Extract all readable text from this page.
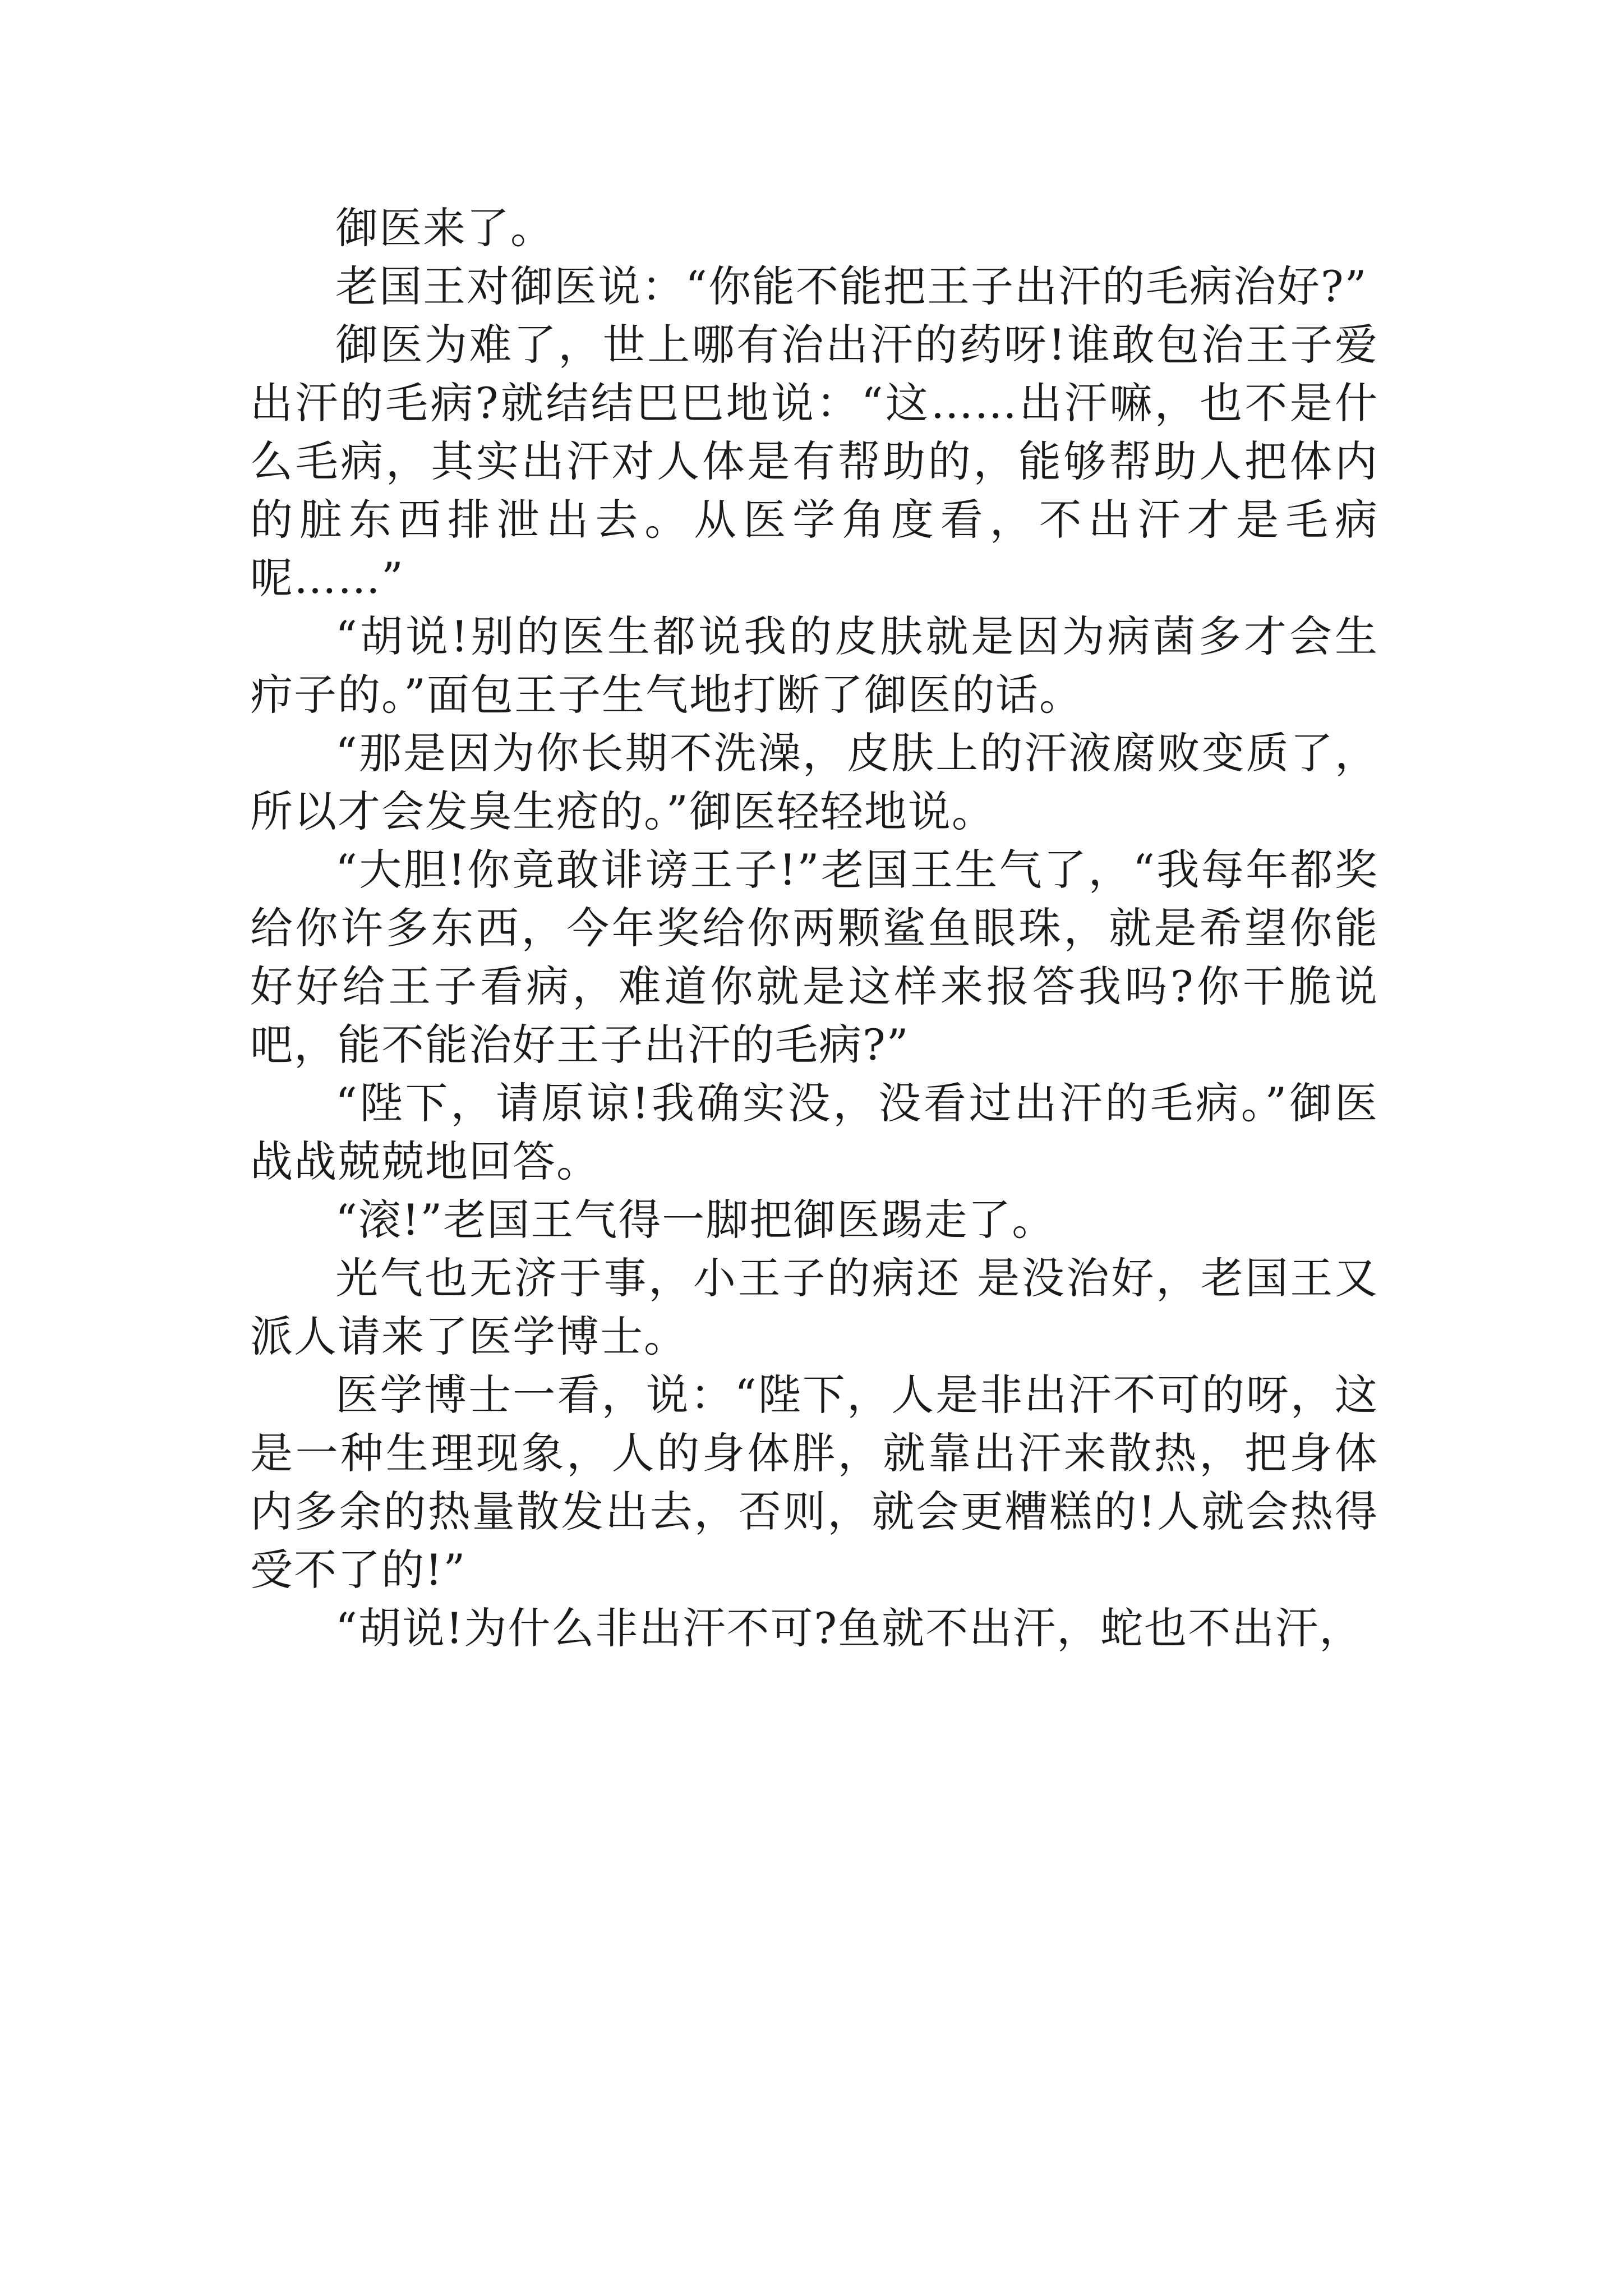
御医来了。

老国王对御医说：“你能不能把王子出汗的毛病治好?”

御医为难了，世上哪有治出汗的药呀!谁敢包治王子爱出汗的毛病?就结结巴巴地说：“这……出汗嘛，也不是什么毛病，其实出汗对人体是有帮助的，能够帮助人把体内的脏东西排泄出去。从医学角度看，不出汗才是毛病呢……”

“胡说!别的医生都说我的皮肤就是因为病菌多才会生疖子的。”面包王子生气地打断了御医的话。

“那是因为你长期不洗澡，皮肤上的汗液腐败变质了，所以才会发臭生疮的。”御医轻轻地说。

“大胆!你竟敢诽谤王子!”老国王生气了，“我每年都奖给你许多东西，今年奖给你两颗鲨鱼眼珠，就是希望你能好好给王子看病，难道你就是这样来报答我吗?你干脆说吧，能不能治好王子出汗的毛病?”

“陛下，请原谅!我确实没，没看过出汗的毛病。”御医战战兢兢地回答。

“滚!”老国王气得一脚把御医踢走了。

光气也无济于事，小王子的病还 是没治好，老国王又派人请来了医学博士。

医学博士一看，说：“陛下，人是非出汗不可的呀，这是一种生理现象，人的身体胖，就靠出汗来散热，把身体内多余的热量散发出去，否则，就会更糟糕的!人就会热得受不了的!”

“胡说!为什么非出汗不可?鱼就不出汗，蛇也不出汗，
